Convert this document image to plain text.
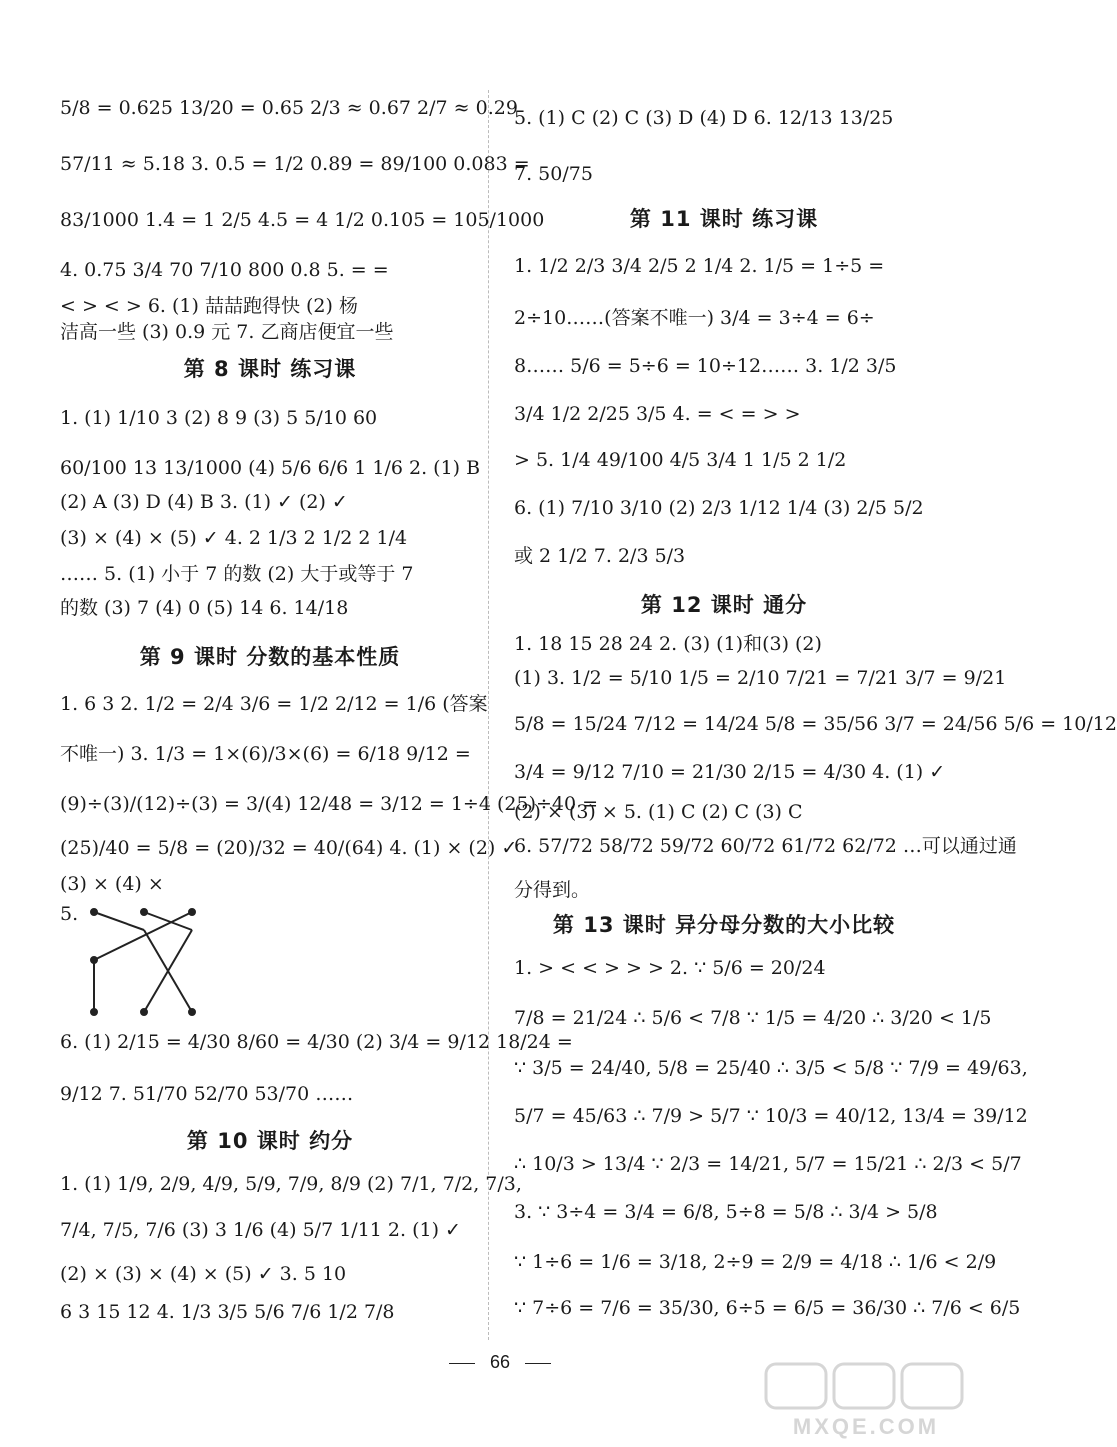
5/8 = 0.625 13/20 = 0.65 2/3 ≈ 0.67 2/7 ≈ 0.29
57/11 ≈ 5.18 3. 0.5 = 1/2 0.89 = 89/100 0.083 =
83/1000 1.4 = 1 2/5 4.5 = 4 1/2 0.105 = 105/1000
4. 0.75 3/4 70 7/10 800 0.8 5. = =
< > < > 6. (1) 喆喆跑得快 (2) 杨
洁高一些 (3) 0.9 元 7. 乙商店便宜一些
第 8 课时 练习课
1. (1) 1/10 3 (2) 8 9 (3) 5 5/10 60
60/100 13 13/1000 (4) 5/6 6/6 1 1/6 2. (1) B
(2) A (3) D (4) B 3. (1) ✓ (2) ✓
(3) × (4) × (5) ✓ 4. 2 1/3 2 1/2 2 1/4
…… 5. (1) 小于 7 的数 (2) 大于或等于 7
的数 (3) 7 (4) 0 (5) 14 6. 14/18
第 9 课时 分数的基本性质
1. 6 3 2. 1/2 = 2/4 3/6 = 1/2 2/12 = 1/6 (答案
不唯一) 3. 1/3 = 1×(6)/3×(6) = 6/18 9/12 =
(9)÷(3)/(12)÷(3) = 3/(4) 12/48 = 3/12 = 1÷4 (25)÷40 =
(25)/40 = 5/8 = (20)/32 = 40/(64) 4. (1) × (2) ✓
(3) × (4) ×
5.
6. (1) 2/15 = 4/30 8/60 = 4/30 (2) 3/4 = 9/12 18/24 =
9/12 7. 51/70 52/70 53/70 ……
第 10 课时 约分
1. (1) 1/9, 2/9, 4/9, 5/9, 7/9, 8/9 (2) 7/1, 7/2, 7/3,
7/4, 7/5, 7/6 (3) 3 1/6 (4) 5/7 1/11 2. (1) ✓
(2) × (3) × (4) × (5) ✓ 3. 5 10
6 3 15 12 4. 1/3 3/5 5/6 7/6 1/2 7/8
5. (1) C (2) C (3) D (4) D 6. 12/13 13/25
7. 50/75
第 11 课时 练习课
1. 1/2 2/3 3/4 2/5 2 1/4 2. 1/5 = 1÷5 =
2÷10……(答案不唯一) 3/4 = 3÷4 = 6÷
8…… 5/6 = 5÷6 = 10÷12…… 3. 1/2 3/5
3/4 1/2 2/25 3/5 4. = < = > >
> 5. 1/4 49/100 4/5 3/4 1 1/5 2 1/2
6. (1) 7/10 3/10 (2) 2/3 1/12 1/4 (3) 2/5 5/2
或 2 1/2 7. 2/3 5/3
第 12 课时 通分
1. 18 15 28 24 2. (3) (1)和(3) (2)
(1) 3. 1/2 = 5/10 1/5 = 2/10 7/21 = 7/21 3/7 = 9/21
5/8 = 15/24 7/12 = 14/24 5/8 = 35/56 3/7 = 24/56 5/6 = 10/12
3/4 = 9/12 7/10 = 21/30 2/15 = 4/30 4. (1) ✓
(2) × (3) × 5. (1) C (2) C (3) C
6. 57/72 58/72 59/72 60/72 61/72 62/72 …可以通过通
分得到。
第 13 课时 异分母分数的大小比较
1. > < < > > > 2. ∵ 5/6 = 20/24
7/8 = 21/24 ∴ 5/6 < 7/8 ∵ 1/5 = 4/20 ∴ 3/20 < 1/5
∵ 3/5 = 24/40, 5/8 = 25/40 ∴ 3/5 < 5/8 ∵ 7/9 = 49/63,
5/7 = 45/63 ∴ 7/9 > 5/7 ∵ 10/3 = 40/12, 13/4 = 39/12
∴ 10/3 > 13/4 ∵ 2/3 = 14/21, 5/7 = 15/21 ∴ 2/3 < 5/7
3. ∵ 3÷4 = 3/4 = 6/8, 5÷8 = 5/8 ∴ 3/4 > 5/8
∵ 1÷6 = 1/6 = 3/18, 2÷9 = 2/9 = 4/18 ∴ 1/6 < 2/9
∵ 7÷6 = 7/6 = 35/30, 6÷5 = 6/5 = 36/30 ∴ 7/6 < 6/5
66
MXQE.COM
